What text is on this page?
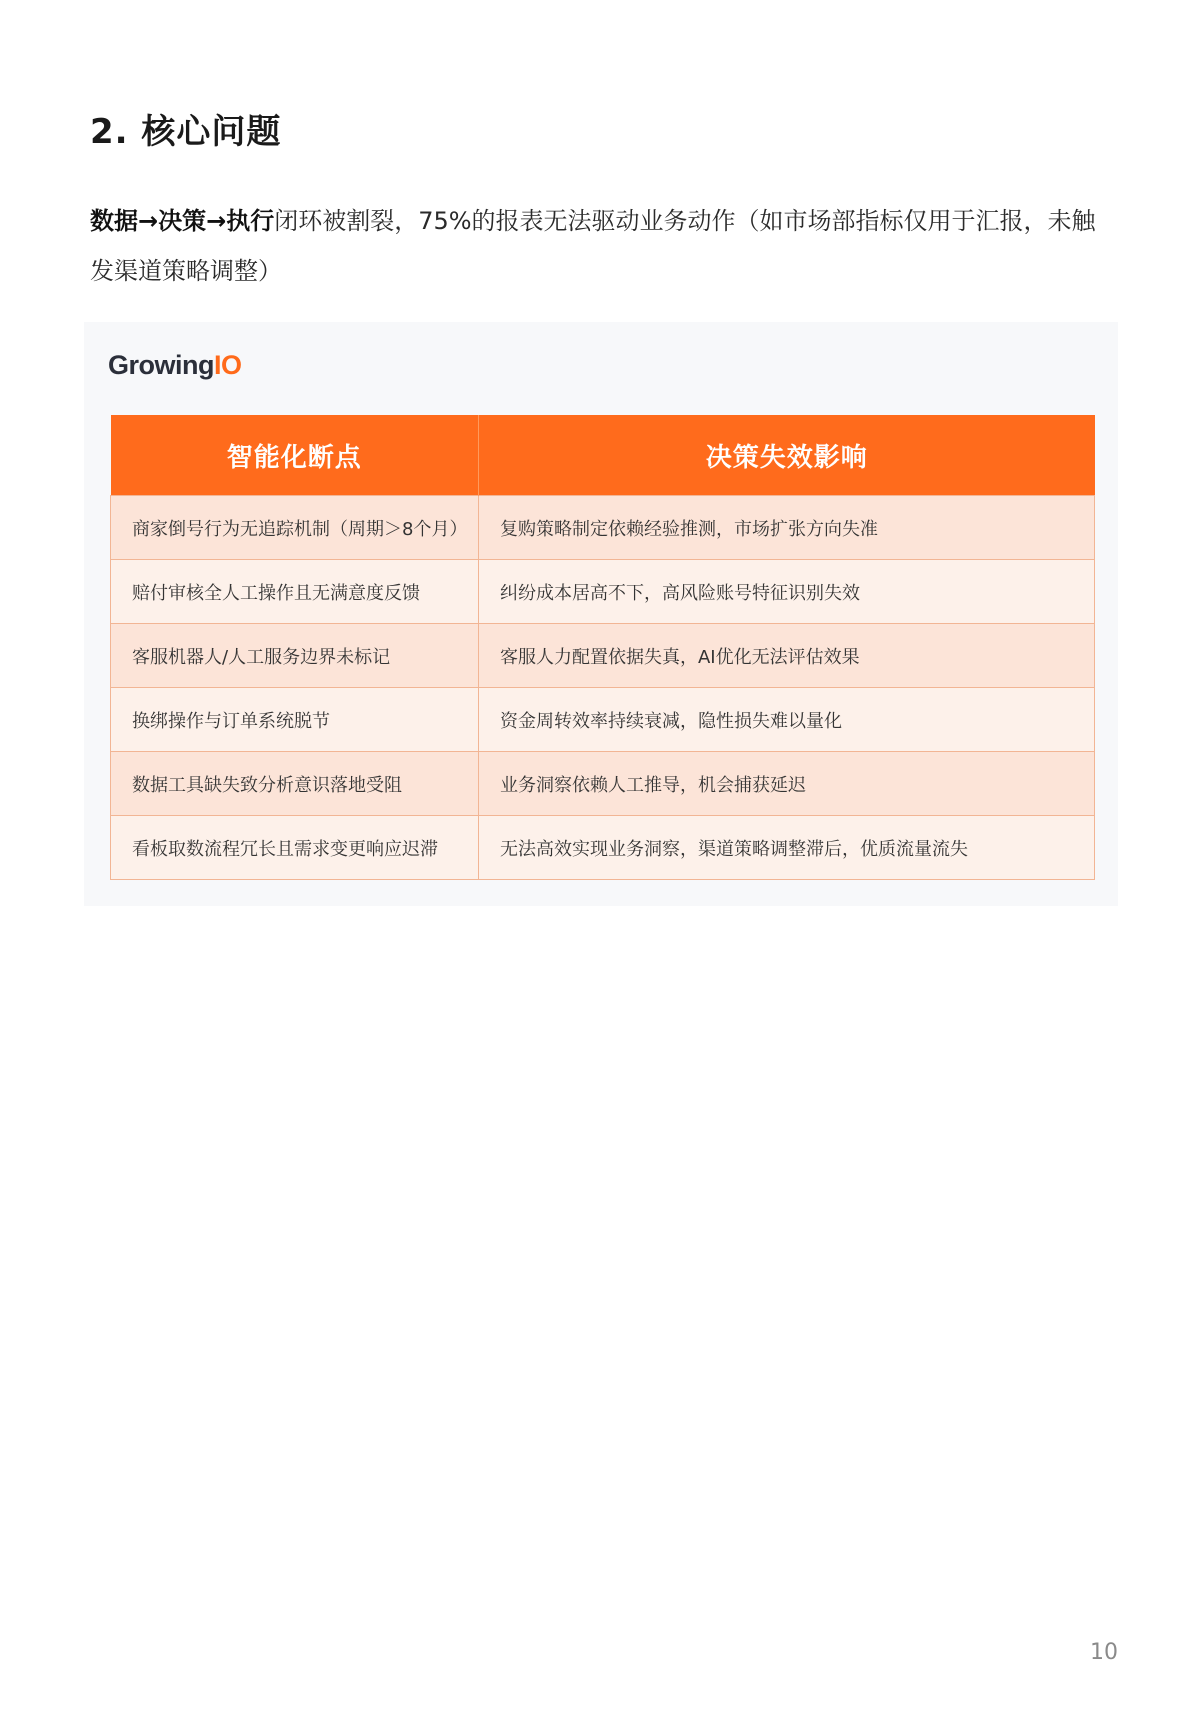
2. 核心问题
数据→决策→执行闭环被割裂，75%的报表无法驱动业务动作（如市场部指标仅用于汇报，未触发渠道策略调整）
GrowingIO
智能化断点	决策失效影响
商家倒号行为无追踪机制（周期＞8个月）	复购策略制定依赖经验推测，市场扩张方向失准
赔付审核全人工操作且无满意度反馈	纠纷成本居高不下，高风险账号特征识别失效
客服机器人/人工服务边界未标记	客服人力配置依据失真，AI优化无法评估效果
换绑操作与订单系统脱节	资金周转效率持续衰减，隐性损失难以量化
数据工具缺失致分析意识落地受阻	业务洞察依赖人工推导，机会捕获延迟
看板取数流程冗长且需求变更响应迟滞	无法高效实现业务洞察，渠道策略调整滞后，优质流量流失
10
